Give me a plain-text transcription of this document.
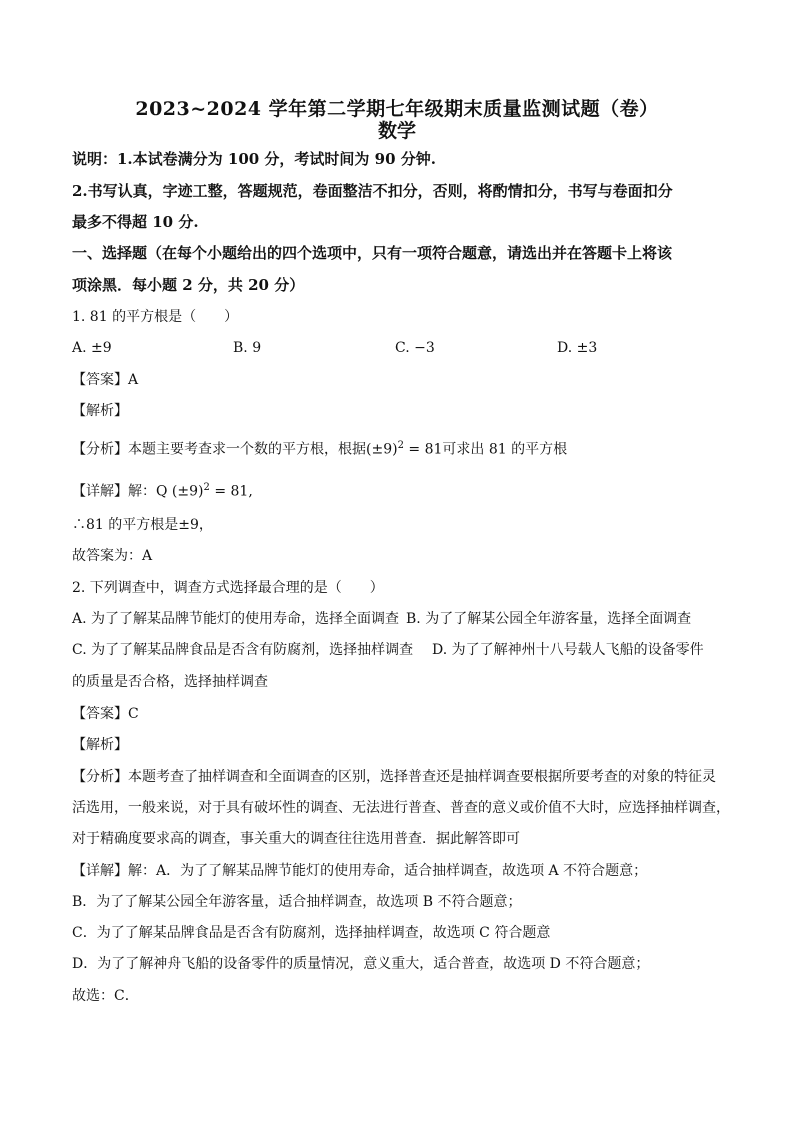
2023~2024 学年第二学期七年级期末质量监测试题（卷）
数学
说明：1.本试卷满分为 100 分，考试时间为 90 分钟.
2.书写认真，字迹工整，答题规范，卷面整洁不扣分，否则，将酌情扣分，书写与卷面扣分
最多不得超 10 分.
一、选择题（在每个小题给出的四个选项中，只有一项符合题意，请选出并在答题卡上将该
项涂黑．每小题 2 分，共 20 分）
1. 81 的平方根是（　　）
A. ±9	B. 9	C. −3	D. ±3
【答案】A
【解析】
【分析】本题主要考查求一个数的平方根，根据$(\pm 9)^2 = 81$可求出 81 的平方根
【详解】解：Q $(\pm 9)^2 = 81$,
∴81 的平方根是±9，
故答案为：A
2. 下列调查中，调查方式选择最合理的是（　　）
A. 为了了解某品牌节能灯的使用寿命，选择全面调查 B. 为了了解某公园全年游客量，选择全面调查
C. 为了了解某品牌食品是否含有防腐剂，选择抽样调查 D. 为了了解神州十八号载人飞船的设备零件
的质量是否合格，选择抽样调查
【答案】C
【解析】
【分析】本题考查了抽样调查和全面调查的区别，选择普查还是抽样调查要根据所要考查的对象的特征灵
活选用，一般来说，对于具有破坏性的调查、无法进行普查、普查的意义或价值不大时，应选择抽样调查，
对于精确度要求高的调查，事关重大的调查往往选用普查．据此解答即可
【详解】解：A．为了了解某品牌节能灯的使用寿命，适合抽样调查，故选项 A 不符合题意；
B．为了了解某公园全年游客量，适合抽样调查，故选项 B 不符合题意；
C．为了了解某品牌食品是否含有防腐剂，选择抽样调查，故选项 C 符合题意
D．为了了解神舟飞船的设备零件的质量情况，意义重大，适合普查，故选项 D 不符合题意；
故选：C．
